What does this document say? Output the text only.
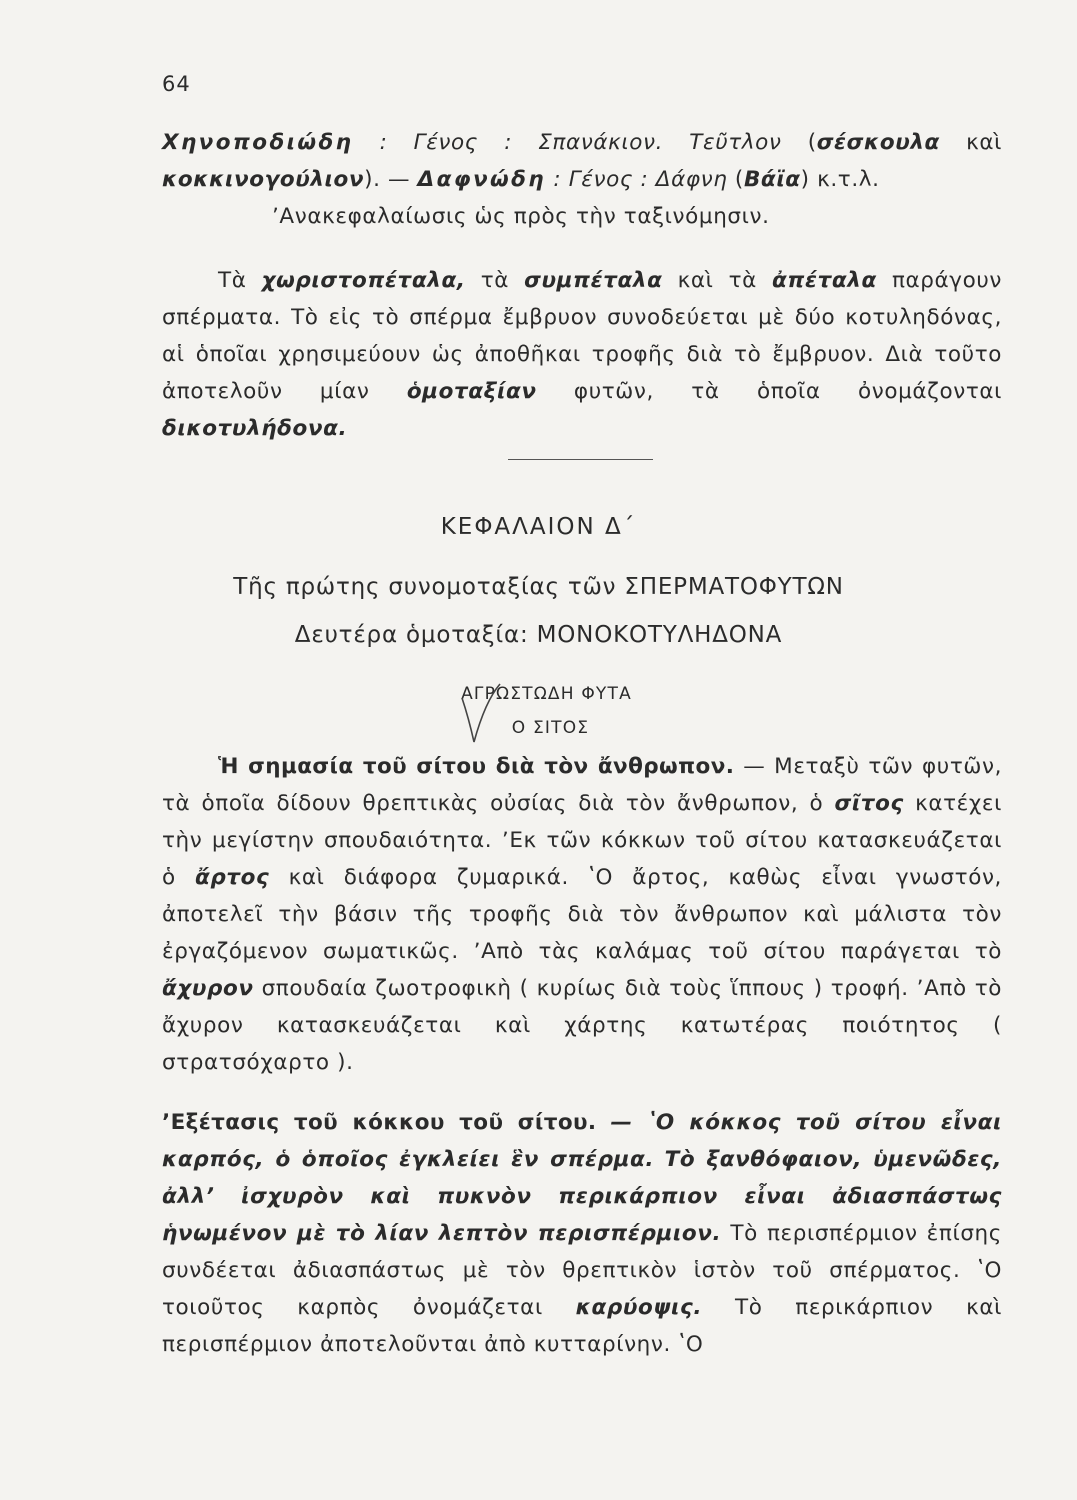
64
Χηνοποδιώδη : Γένος : Σπανάκιον. Τεῦτλον (σέσκουλα καὶ κοκκινογούλιον). — Δαφνώδη : Γένος : Δάφνη (Βάϊα) κ.τ.λ.
ʼΑνακεφαλαίωσις ὡς πρὸς τὴν ταξινόμησιν.
Τὰ χωριστοπέταλα, τὰ συμπέταλα καὶ τὰ ἀπέταλα παράγουν σπέρματα. Τὸ εἰς τὸ σπέρμα ἔμβρυον συνοδεύεται μὲ δύο κοτυληδόνας, αἱ ὁποῖαι χρησιμεύουν ὡς ἀποθῆκαι τροφῆς διὰ τὸ ἔμβρυον. Διὰ τοῦτο ἀποτελοῦν μίαν ὁμοταξίαν φυτῶν, τὰ ὁποῖα ὀνομάζονται δικοτυλήδονα.
ΚΕΦΑΛΑΙΟΝ Δ΄
Τῆς πρώτης συνομοταξίας τῶν ΣΠΕΡΜΑΤΟΦΥΤΩΝ
Δευτέρα ὁμοταξία: ΜΟΝΟΚΟΤΥΛΗΔΟΝΑ
ΑΓΡΩΣΤΩΔΗ ΦΥΤΑ
Ο ΣΙΤΟΣ
Ἡ σημασία τοῦ σίτου διὰ τὸν ἄνθρωπον. — Μεταξὺ τῶν φυτῶν, τὰ ὁποῖα δίδουν θρεπτικὰς οὐσίας διὰ τὸν ἄνθρωπον, ὁ σῖτος κατέχει τὴν μεγίστην σπουδαιότητα. ʼΕκ τῶν κόκκων τοῦ σίτου κατασκευάζεται ὁ ἄρτος καὶ διάφορα ζυμαρικά. ʽΟ ἄρτος, καθὼς εἶναι γνωστόν, ἀποτελεῖ τὴν βάσιν τῆς τροφῆς διὰ τὸν ἄνθρωπον καὶ μάλιστα τὸν ἐργαζόμενον σωματικῶς. ʼΑπὸ τὰς καλάμας τοῦ σίτου παράγεται τὸ ἄχυρον σπουδαία ζωοτροφικὴ ( κυρίως διὰ τοὺς ἵππους ) τροφή. ʼΑπὸ τὸ ἄχυρον κατασκευάζεται καὶ χάρτης κατωτέρας ποιότητος ( στρατσόχαρτο ).
ʼΕξέτασις τοῦ κόκκου τοῦ σίτου. — ʽΟ κόκκος τοῦ σίτου εἶναι καρπός, ὁ ὁποῖος ἐγκλείει ἓν σπέρμα. Τὸ ξανθόφαιον, ὑμενῶδες, ἀλλʼ ἰσχυρὸν καὶ πυκνὸν περικάρπιον εἶναι ἀδιασπάστως ἡνωμένον μὲ τὸ λίαν λεπτὸν περισπέρμιον. Τὸ περισπέρμιον ἐπίσης συνδέεται ἀδιασπάστως μὲ τὸν θρεπτικὸν ἱστὸν τοῦ σπέρματος. ʽΟ τοιοῦτος καρπὸς ὀνομάζεται καρύοψις. Τὸ περικάρπιον καὶ περισπέρμιον ἀποτελοῦνται ἀπὸ κυτταρίνην. ʽΟ
